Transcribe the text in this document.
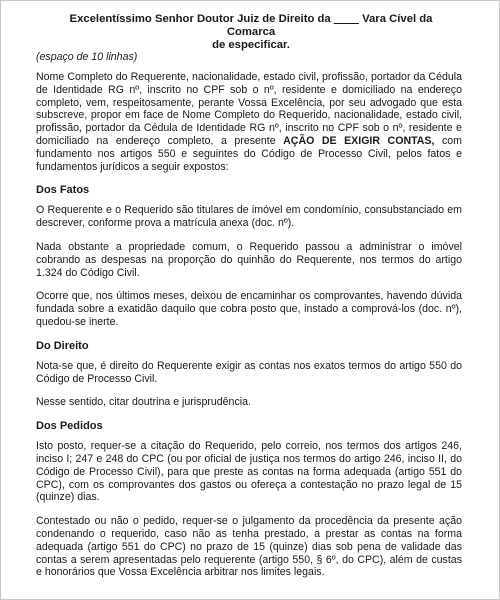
Excelentíssimo Senhor Doutor Juiz de Direito da ____ Vara Cível da Comarca
de especificar.
(espaço de 10 linhas)

Nome Completo do Requerente, nacionalidade, estado civil, profissão, portador da Cédula de Identidade RG nº, inscrito no CPF sob o nº, residente e domiciliado na endereço completo, vem, respeitosamente, perante Vossa Excelência, por seu advogado que esta subscreve, propor em face de Nome Completo do Requerido, nacionalidade, estado civil, profissão, portador da Cédula de Identidade RG nº, inscrito no CPF sob o nº, residente e domiciliado na endereço completo, a presente AÇÃO DE EXIGIR CONTAS, com fundamento nos artigos 550 e seguintes do Código de Processo Civil, pelos fatos e fundamentos jurídicos a seguir expostos:

Dos Fatos

O Requerente e o Requerido são titulares de imóvel em condomínio, consubstanciado em descrever, conforme prova a matrícula anexa (doc. nº).

Nada obstante a propriedade comum, o Requerido passou a administrar o imóvel cobrando as despesas na proporção do quinhão do Requerente, nos termos do artigo 1.324 do Código Civil.

Ocorre que, nos últimos meses, deixou de encaminhar os comprovantes, havendo dúvida fundada sobre a exatidão daquilo que cobra posto que, instado a comprová-los (doc. nº), quedou-se inerte.

Do Direito

Nota-se que, é direito do Requerente exigir as contas nos exatos termos do artigo 550 do Código de Processo Civil.

Nesse sentido, citar doutrina e jurisprudência.

Dos Pedidos

Isto posto, requer-se a citação do Requerido, pelo correio, nos termos dos artigos 246, inciso I; 247 e 248 do CPC (ou por oficial de justiça nos termos do artigo 246, inciso II, do Código de Processo Civil), para que preste as contas na forma adequada (artigo 551 do CPC), com os comprovantes dos gastos ou ofereça a contestação no prazo legal de 15 (quinze) dias.

Contestado ou não o pedido, requer-se o julgamento da procedência da presente ação condenando o requerido, caso não as tenha prestado, a prestar as contas na forma adequada (artigo 551 do CPC) no prazo de 15 (quinze) dias sob pena de validade das contas a serem apresentadas pelo requerente (artigo 550, § 6º, do CPC), além de custas e honorários que Vossa Excelência arbitrar nos limites legais.
